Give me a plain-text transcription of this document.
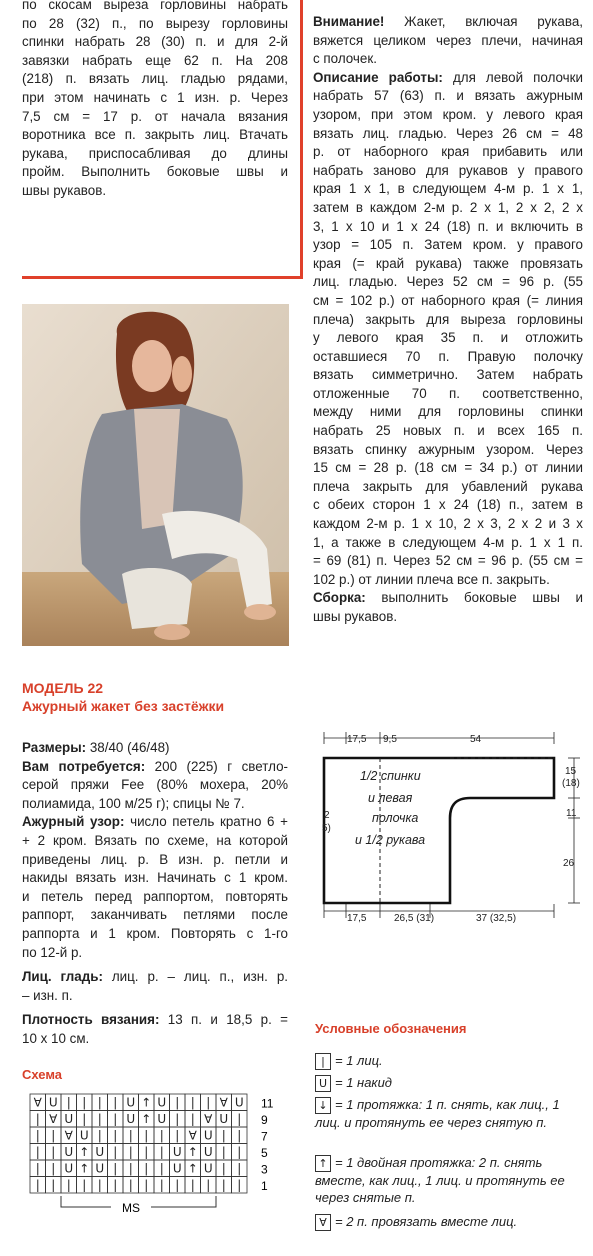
по скосам выреза горловины набрать
по 28 (32) п., по вырезу горловины
спинки набрать 28 (30) п. и для 2-й
завязки набрать еще 62 п. На 208
(218) п. вязать лиц. гладью рядами,
при этом начинать с 1 изн. р. Через
7,5 см = 17 р. от начала вязания
воротника все п. закрыть лиц. Втачать
рукава, приспосабливая до длины
пройм. Выполнить боковые швы и
швы рукавов.
Внимание! Жакет, включая рукава,
вяжется целиком через плечи, начиная
с полочек.
Описание работы: для левой полочки
набрать 57 (63) п. и вязать ажурным
узором, при этом кром. у левого края
вязать лиц. гладью. Через 26 см = 48
р. от наборного края прибавить или
набрать заново для рукавов у правого
края 1 х 1, в следующем 4-м р. 1 х 1,
затем в каждом 2-м р. 2 х 1, 2 х 2, 2 х
3, 1 х 10 и 1 х 24 (18) п. и включить в
узор = 105 п. Затем кром. у правого
края (= край рукава) также провязать
лиц. гладью. Через 52 см = 96 р. (55
см = 102 р.) от наборного края (= линия
плеча) закрыть для выреза горловины
у левого края 35 п. и отложить
оставшиеся 70 п. Правую полочку
вязать симметрично. Затем набрать
отложенные 70 п. соответственно,
между ними для горловины спинки
набрать 25 новых п. и всех 165 п.
вязать спинку ажурным узором. Через
15 см = 28 р. (18 см = 34 р.) от линии
плеча закрыть для убавлений рукава
с обеих сторон 1 х 24 (18) п., затем в
каждом 2-м р. 1 х 10, 2 х 3, 2 х 2 и 3 х
1, а также в следующем 4-м р. 1 х 1 п.
= 69 (81) п. Через 52 см = 96 р. (55 см =
102 р.) от линии плеча все п. закрыть.
Сборка: выполнить боковые швы и
швы рукавов.
МОДЕЛЬ 22
Ажурный жакет без застёжки
Размеры: 38/40 (46/48)
Вам потребуется: 200 (225) г светло-
серой пряжи Fee (80% мохера, 20%
полиамида, 100 м/25 г); спицы № 7.
Ажурный узор: число петель кратно 6 +
+ 2 кром. Вязать по схеме, на которой
приведены лиц. р. В изн. р. петли и
накиды вязать изн. Начинать с 1 кром.
и петель перед раппортом, повторять
раппорт, заканчивать петлями после
раппорта и 1 кром. Повторять с 1-го
по 12-й р.
Лиц. гладь: лиц. р. – лиц. п., изн. р.
– изн. п.
Плотность вязания: 13 п. и 18,5 р. =
10 х 10 см.
Схема
∀ U | | | | U ↑ U | | | ∀ U 11
| ∀ U | | | U ↑ U | | ∀ U | 9
| | ∀ U | | | | | | ∀ U | | 7
| | U ↑ U | | | | U ↑ U | | 5
| | U ↑ U | | | | U ↑ U | | 3
| | | | | | | | | | | | | | 1
MS
17,5 9,5	54
17,5	26,5 (31)	37 (32,5)
15
(18)
11
26
2
5)
1/2 спинки
и левая
полочка
и 1/2 рукава
Условные обозначения
| = 1 лиц.
U = 1 накид
↓ = 1 протяжка: 1 п. снять, как лиц., 1 лиц. и протянуть ее через снятую п.
↑ = 1 двойная протяжка: 2 п. снять вместе, как лиц., 1 лиц. и протянуть ее через снятые п.
∀ = 2 п. провязать вместе лиц.
